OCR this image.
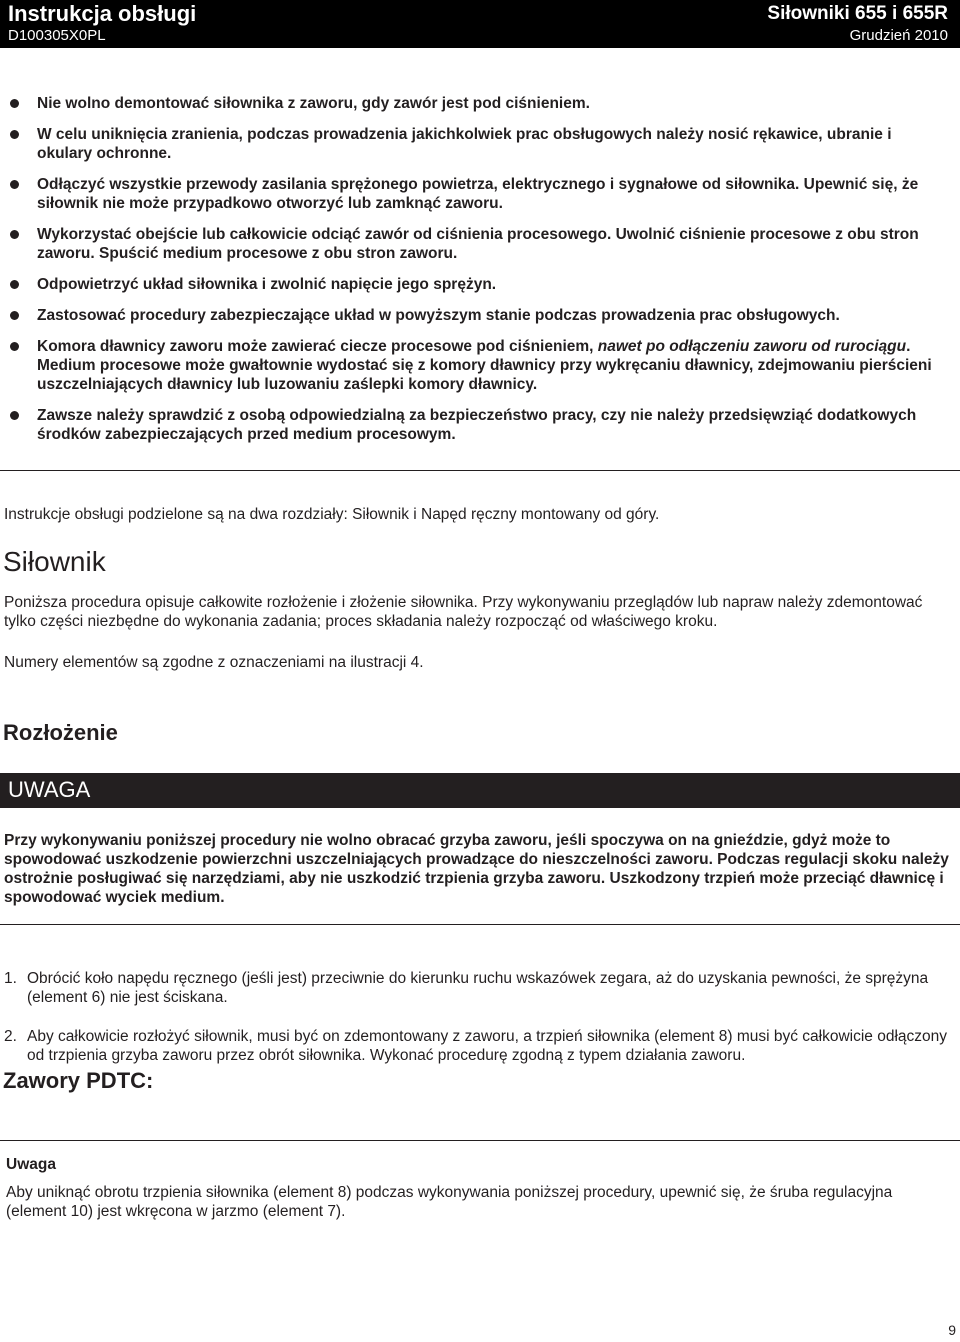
Instrukcja obsługi
D100305X0PL
Siłowniki 655 i 655R
Grudzień 2010
Nie wolno demontować siłownika z zaworu, gdy zawór jest pod ciśnieniem.
W celu uniknięcia zranienia, podczas prowadzenia jakichkolwiek prac obsługowych należy nosić rękawice, ubranie i okulary ochronne.
Odłączyć wszystkie przewody zasilania sprężonego powietrza, elektrycznego i sygnałowe od siłownika. Upewnić się, że siłownik nie może przypadkowo otworzyć lub zamknąć zaworu.
Wykorzystać obejście lub całkowicie odciąć zawór od ciśnienia procesowego. Uwolnić ciśnienie procesowe z obu stron zaworu. Spuścić medium procesowe z obu stron zaworu.
Odpowietrzyć układ siłownika i zwolnić napięcie jego sprężyn.
Zastosować procedury zabezpieczające układ w powyższym stanie podczas prowadzenia prac obsługowych.
Komora dławnicy zaworu może zawierać ciecze procesowe pod ciśnieniem, nawet po odłączeniu zaworu od rurociągu. Medium procesowe może gwałtownie wydostać się z komory dławnicy przy wykręcaniu dławnicy, zdejmowaniu pierścieni uszczelniających dławnicy lub luzowaniu zaślepki komory dławnicy.
Zawsze należy sprawdzić z osobą odpowiedzialną za bezpieczeństwo pracy, czy nie należy przedsięwziąć dodatkowych środków zabezpieczających przed medium procesowym.

Instrukcje obsługi podzielone są na dwa rozdziały: Siłownik i Napęd ręczny montowany od góry.

Siłownik

Poniższa procedura opisuje całkowite rozłożenie i złożenie siłownika. Przy wykonywaniu przeglądów lub napraw należy zdemontować tylko części niezbędne do wykonania zadania; proces składania należy rozpocząć od właściwego kroku.

Numery elementów są zgodne z oznaczeniami na ilustracji 4.

Rozłożenie
UWAGA

Przy wykonywaniu poniższej procedury nie wolno obracać grzyba zaworu, jeśli spoczywa on na gnieździe, gdyż może to spowodować uszkodzenie powierzchni uszczelniających prowadzące do nieszczelności zaworu. Podczas regulacji skoku należy ostrożnie posługiwać się narzędziami, aby nie uszkodzić trzpienia grzyba zaworu. Uszkodzony trzpień może przeciąć dławnicę i spowodować wyciek medium.

1. Obrócić koło napędu ręcznego (jeśli jest) przeciwnie do kierunku ruchu wskazówek zegara, aż do uzyskania pewności, że sprężyna (element 6) nie jest ściskana.
2. Aby całkowicie rozłożyć siłownik, musi być on zdemontowany z zaworu, a trzpień siłownika (element 8) musi być całkowicie odłączony od trzpienia grzyba zaworu przez obrót siłownika. Wykonać procedurę zgodną z typem działania zaworu.
Zawory PDTC:

Uwaga

Aby uniknąć obrotu trzpienia siłownika (element 8) podczas wykonywania poniższej procedury, upewnić się, że śruba regulacyjna (element 10) jest wkręcona w jarzmo (element 7).

9
